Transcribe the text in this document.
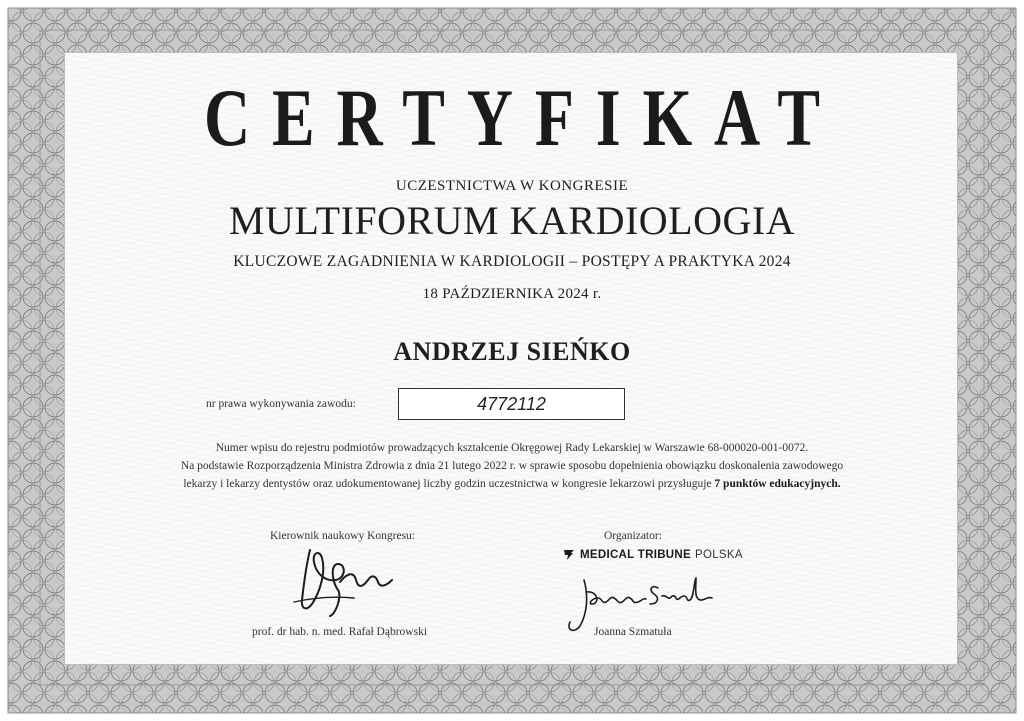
CERTYFIKAT
UCZESTNICTWA W KONGRESIE
MULTIFORUM KARDIOLOGIA
KLUCZOWE ZAGADNIENIA W KARDIOLOGII – POSTĘPY A PRAKTYKA 2024
18 PAŹDZIERNIKA 2024 r.
ANDRZEJ SIEŃKO
nr prawa wykonywania zawodu:	4772112
Numer wpisu do rejestru podmiotów prowadzących kształcenie Okręgowej Rady Lekarskiej w Warszawie 68-000020-001-0072.
Na podstawie Rozporządzenia Ministra Zdrowia z dnia 21 lutego 2022 r. w sprawie sposobu dopełnienia obowiązku doskonalenia zawodowego
lekarzy i lekarzy dentystów oraz udokumentowanej liczby godzin uczestnictwa w kongresie lekarzowi przysługuje 7 punktów edukacyjnych.
Kierownik naukowy Kongresu:	Organizator:
MEDICAL TRIBUNE POLSKA
prof. dr hab. n. med. Rafał Dąbrowski	Joanna Szmatuła
